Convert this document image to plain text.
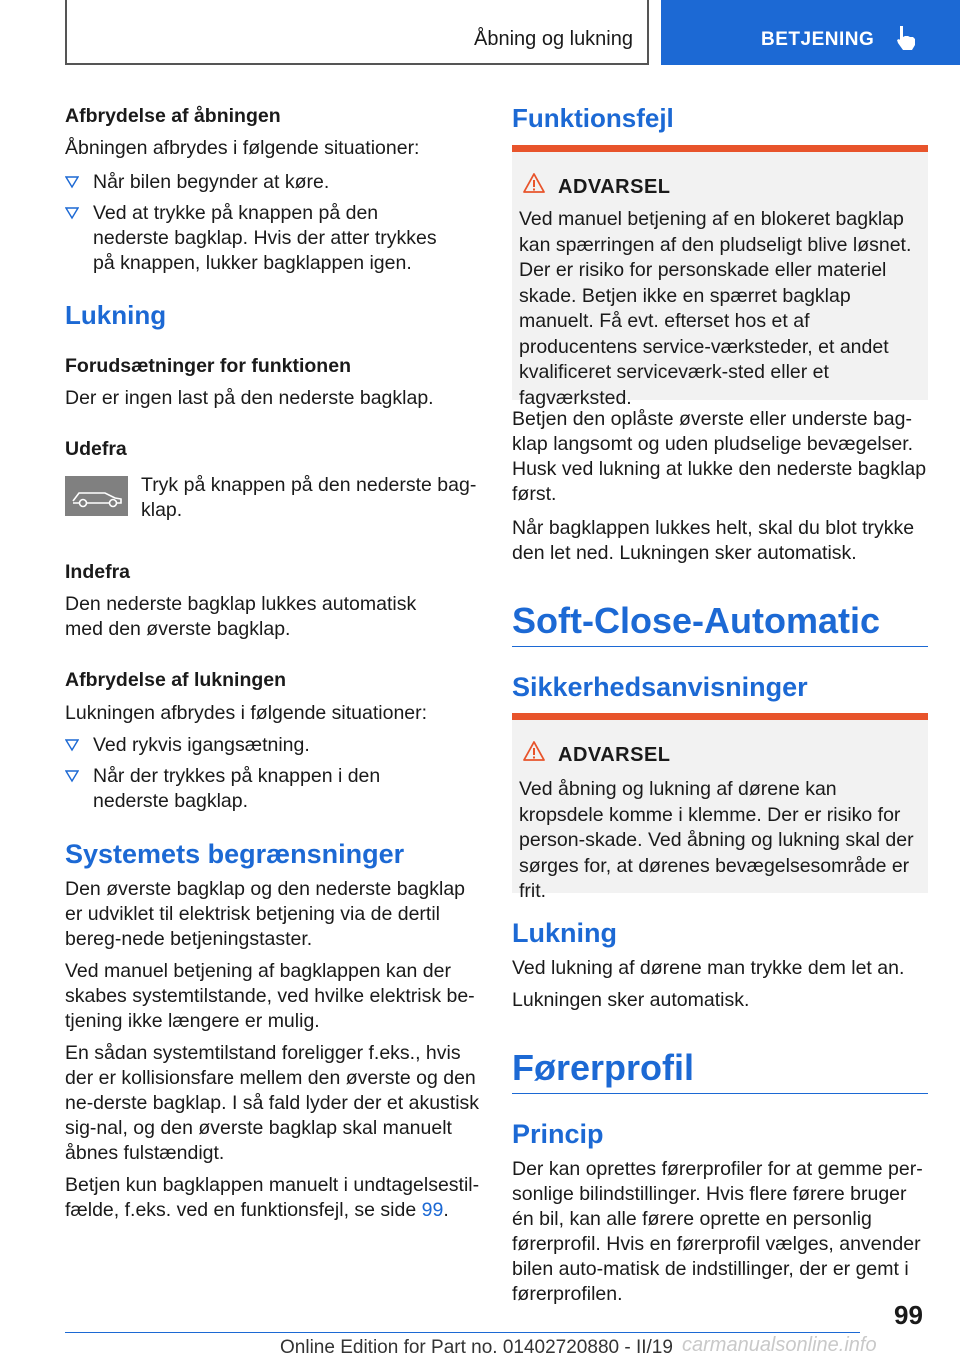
Åbning og lukning	BETJENING
Afbrydelse af åbningen
Åbningen afbrydes i følgende situationer:
Når bilen begynder at køre.
Ved at trykke på knappen på den nederste bagklap. Hvis der atter trykkes på knappen, lukker bagklappen igen.
Lukning
Forudsætninger for funktionen
Der er ingen last på den nederste bagklap.
Udefra
Tryk på knappen på den nederste bag-klap.
Indefra
Den nederste bagklap lukkes automatisk med den øverste bagklap.
Afbrydelse af lukningen
Lukningen afbrydes i følgende situationer:
Ved rykvis igangsætning.
Når der trykkes på knappen i den nederste bagklap.
Systemets begrænsninger
Den øverste bagklap og den nederste bagklap er udviklet til elektrisk betjening via de dertil bereg-nede betjeningstaster.
Ved manuel betjening af bagklappen kan der skabes systemtilstande, ved hvilke elektrisk be-tjening ikke længere er mulig.
En sådan systemtilstand foreligger f.eks., hvis der er kollisionsfare mellem den øverste og den ne-derste bagklap. I så fald lyder der et akustisk sig-nal, og den øverste bagklap skal manuelt åbnes fulstændigt.
Betjen kun bagklappen manuelt i undtagelsestil-fælde, f.eks. ved en funktionsfejl, se side 99.
Funktionsfejl
ADVARSEL
Ved manuel betjening af en blokeret bagklap kan spærringen af den pludseligt blive løsnet. Der er risiko for personskade eller materiel skade. Betjen ikke en spærret bagklap manuelt. Få evt. efterset hos et af producentens service-værksteder, et andet kvalificeret serviceværk-sted eller et fagværksted.
Betjen den oplåste øverste eller underste bag-klap langsomt og uden pludselige bevægelser. Husk ved lukning at lukke den nederste bagklap først.
Når bagklappen lukkes helt, skal du blot trykke den let ned. Lukningen sker automatisk.
Soft-Close-Automatic
Sikkerhedsanvisninger
ADVARSEL
Ved åbning og lukning af dørene kan kropsdele komme i klemme. Der er risiko for person-skade. Ved åbning og lukning skal der sørges for, at dørenes bevægelsesområde er frit.
Lukning
Ved lukning af dørene man trykke dem let an.
Lukningen sker automatisk.
Førerprofil
Princip
Der kan oprettes førerprofiler for at gemme per-sonlige bilindstillinger. Hvis flere førere bruger én bil, kan alle førere oprette en personlig førerprofil. Hvis en førerprofil vælges, anvender bilen auto-matisk de indstillinger, der er gemt i førerprofilen.
99
Online Edition for Part no. 01402720880 - II/19 carmanualsonline.info
